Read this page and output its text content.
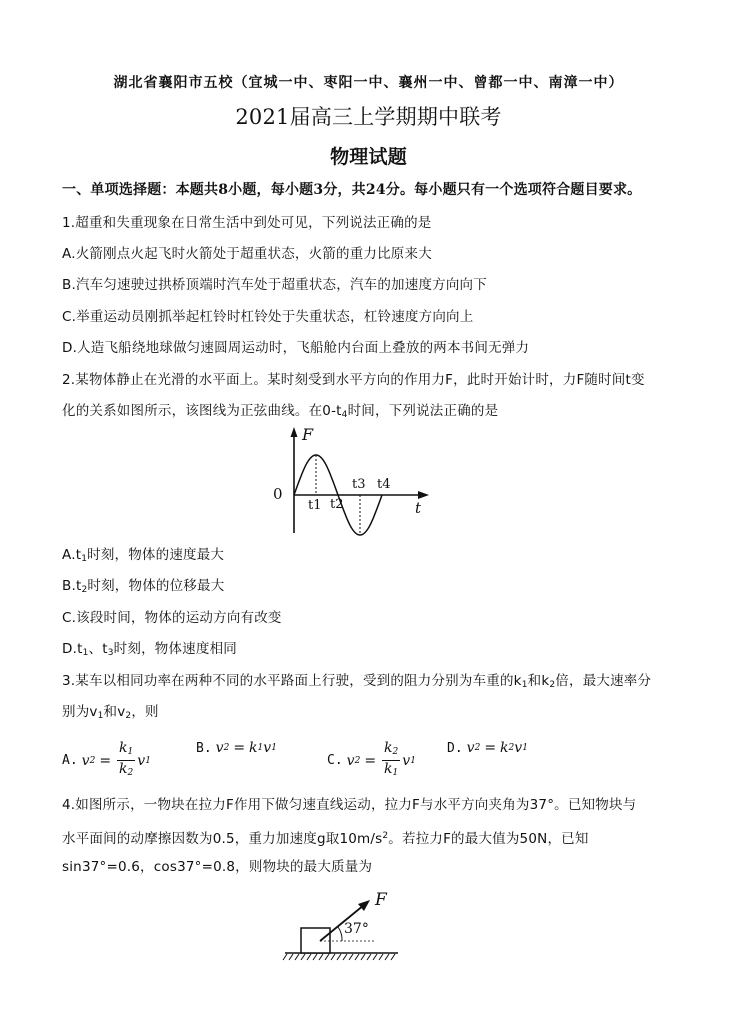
湖北省襄阳市五校（宜城一中、枣阳一中、襄州一中、曾都一中、南漳一中）
2021届高三上学期期中联考
物理试题
一、单项选择题：本题共8小题，每小题3分，共24分。每小题只有一个选项符合题目要求。
1.超重和失重现象在日常生活中到处可见，下列说法正确的是
A.火箭刚点火起飞时火箭处于超重状态，火箭的重力比原来大
B.汽车匀速驶过拱桥顶端时汽车处于超重状态，汽车的加速度方向向下
C.举重运动员刚抓举起杠铃时杠铃处于失重状态，杠铃速度方向向上
D.人造飞船绕地球做匀速圆周运动时，飞船舱内台面上叠放的两本书间无弹力
2.某物体静止在光滑的水平面上。某时刻受到水平方向的作用力F，此时开始计时，力F随时间t变
化的关系如图所示，该图线为正弦曲线。在$0-t_4$时间，下列说法正确的是
F
0
t
t1 t2
t3 t4
$A.t_1$时刻，物体的速度最大
$B.t_2$时刻，物体的位移最大
C.该段时间，物体的运动方向有改变
$D.t_1$、$t_3$时刻，物体速度相同
3.某车以相同功率在两种不同的水平路面上行驶，受到的阻力分别为车重的$k_1$和$k_2$倍，最大速率分
别为$v_1$和$v_2$，则
A. v $2 = \frac{k_1}{k_2}$ v 1
B. v 2 = k 1 v 1
C. v $2 = \frac{k_2}{k_1}$ v 1
D. v 2 = k 2 v 1
4.如图所示，一物块在拉力F作用下做匀速直线运动，拉力F与水平方向夹角为37°。已知物块与
水平面间的动摩擦因数为0.5，重力加速度g取$10m/s^2$。若拉力F的最大值为50N，已知
sin37°=0.6，cos37°=0.8，则物块的最大质量为
F
37°
